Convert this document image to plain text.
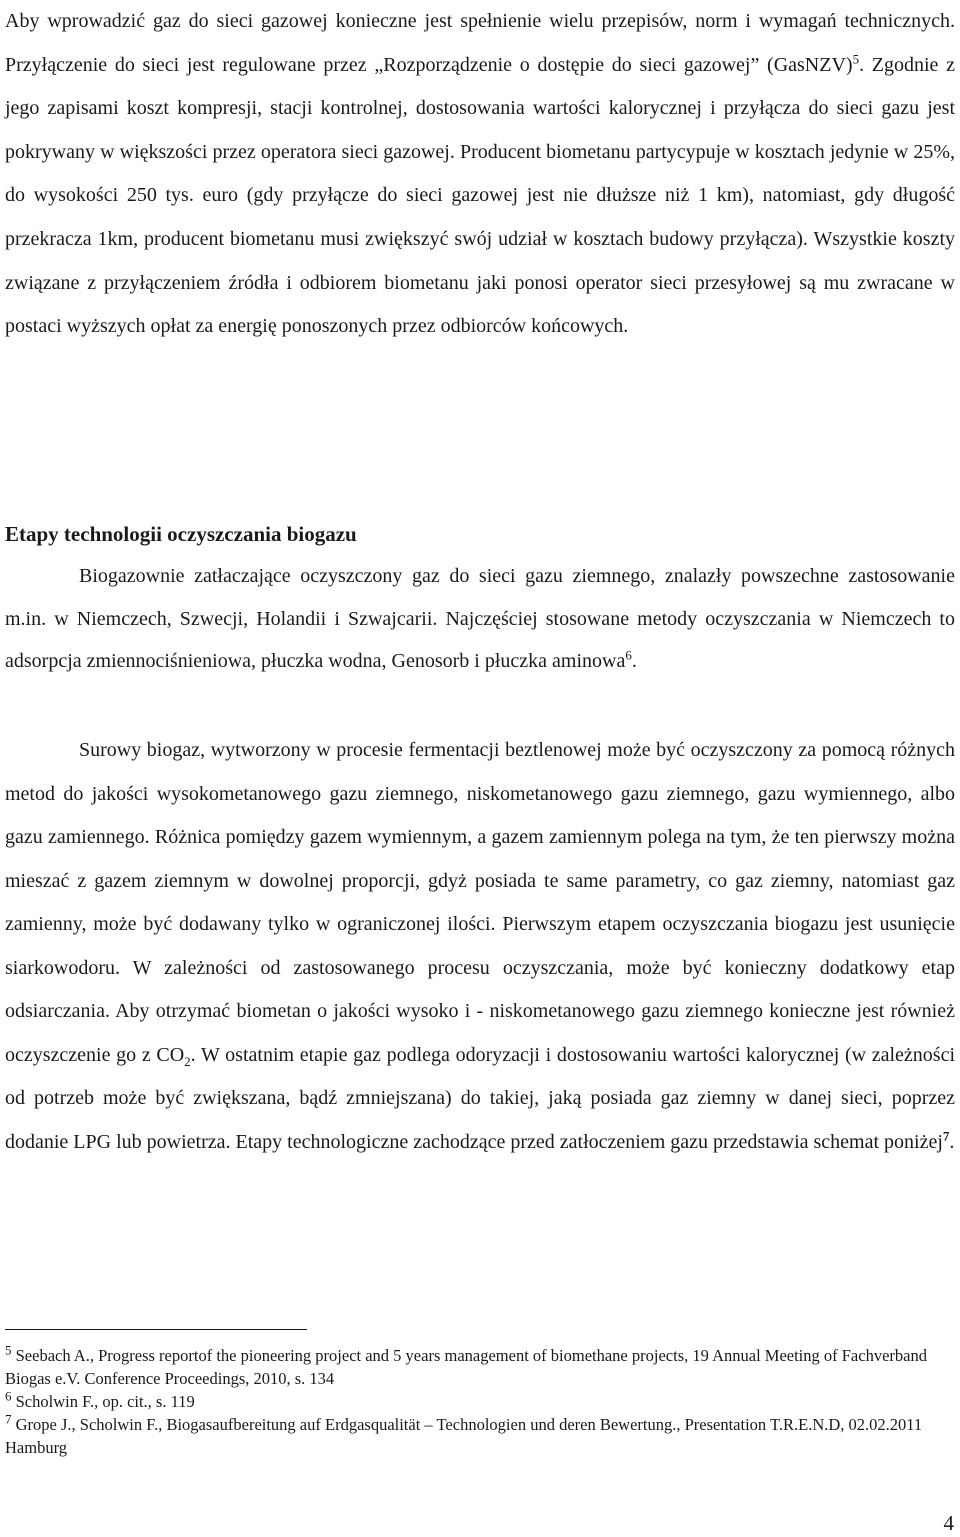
Aby wprowadzić gaz do sieci gazowej konieczne jest spełnienie wielu przepisów, norm i wymagań technicznych. Przyłączenie do sieci jest regulowane przez „Rozporządzenie o dostępie do sieci gazowej” (GasNZV)$^5$. Zgodnie z jego zapisami koszt kompresji, stacji kontrolnej, dostosowania wartości kalorycznej i przyłącza do sieci gazu jest pokrywany w większości przez operatora sieci gazowej. Producent biometanu partycypuje w kosztach jedynie w 25%, do wysokości 250 tys. euro (gdy przyłącze do sieci gazowej jest nie dłuższe niż 1 km), natomiast, gdy długość przekracza 1km, producent biometanu musi zwiększyć swój udział w kosztach budowy przyłącza). Wszystkie koszty związane z przyłączeniem źródła i odbiorem biometanu jaki ponosi operator sieci przesyłowej są mu zwracane w postaci wyższych opłat za energię ponoszonych przez odbiorców końcowych.

Etapy technologii oczyszczania biogazu

Biogazownie zatłaczające oczyszczony gaz do sieci gazu ziemnego, znalazły powszechne zastosowanie m.in. w Niemczech, Szwecji, Holandii i Szwajcarii. Najczęściej stosowane metody oczyszczania w Niemczech to adsorpcja zmiennociśnieniowa, płuczka wodna, Genosorb i płuczka aminowa$^6$.

Surowy biogaz, wytworzony w procesie fermentacji beztlenowej może być oczyszczony za pomocą różnych metod do jakości wysokometanowego gazu ziemnego, niskometanowego gazu ziemnego, gazu wymiennego, albo gazu zamiennego. Różnica pomiędzy gazem wymiennym, a gazem zamiennym polega na tym, że ten pierwszy można mieszać z gazem ziemnym w dowolnej proporcji, gdyż posiada te same parametry, co gaz ziemny, natomiast gaz zamienny, może być dodawany tylko w ograniczonej ilości. Pierwszym etapem oczyszczania biogazu jest usunięcie siarkowodoru. W zależności od zastosowanego procesu oczyszczania, może być konieczny dodatkowy etap odsiarczania. Aby otrzymać biometan o jakości wysoko i - niskometanowego gazu ziemnego konieczne jest również oczyszczenie go z $CO_2$. W ostatnim etapie gaz podlega odoryzacji i dostosowaniu wartości kalorycznej (w zależności od potrzeb może być zwiększana, bądź zmniejszana) do takiej, jaką posiada gaz ziemny w danej sieci, poprzez dodanie LPG lub powietrza. Etapy technologiczne zachodzące przed zatłoczeniem gazu przedstawia schemat poniżej$^7$.

$^5$ Seebach A., Progress reportof the pioneering project and 5 years management of biomethane projects, 19 Annual Meeting of Fachverband Biogas e.V. Conference Proceedings, 2010, s. 134

$^6$ Scholwin F., op. cit., s. 119

$^7$ Grope J., Scholwin F., Biogasaufbereitung auf Erdgasqualität – Technologien und deren Bewertung., Presentation T.R.E.N.D, 02.02.2011 Hamburg

4
